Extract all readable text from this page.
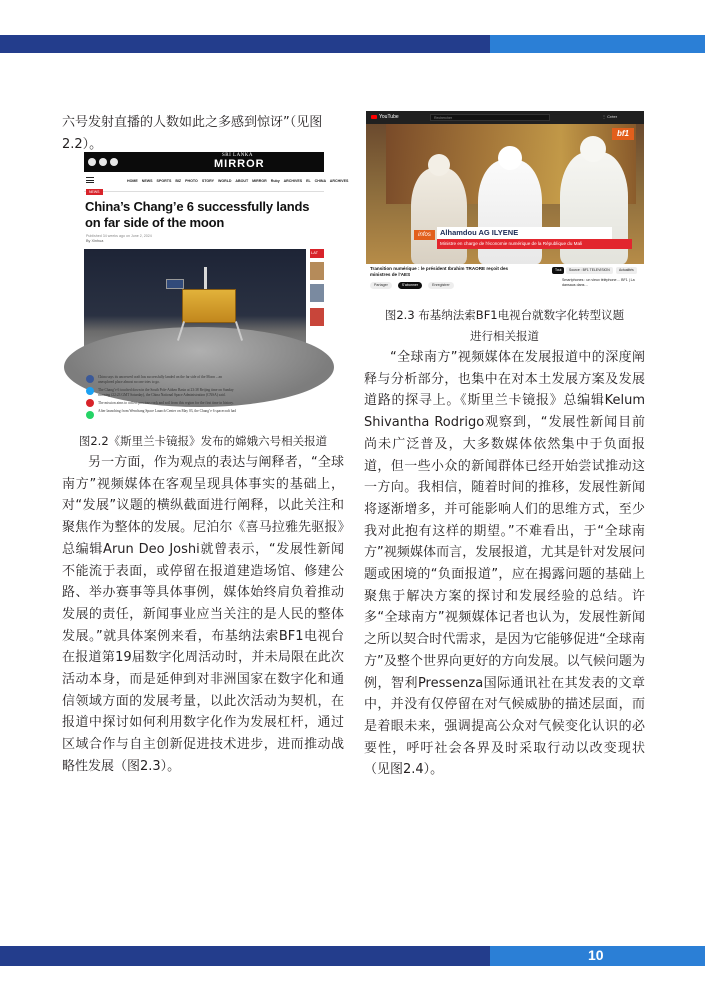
六号发射直播的人数如此之多感到惊讶”（见图

2.2）。

SRI LANKA
MIRROR
HOME NEWS SPORTS BIZ PHOTO STORY WORLD ABOUT MIRROR Ruby ARCHIVES EL CHINA ARCHIVES
NEWS
China’s Chang’e 6 successfully lands on far side of the moon
Published 34 weeks ago on June 2, 2024
By Xinhua
LAT
China says its uncrewed craft has successfully landed on the far side of the Moon – an
unexplored place almost no one tries to go.
The Chang’e 6 touched down in the South Pole-Aitken Basin at 23:38 Beijing time on Sunday
morning (22:23 GMT Saturday), the China National Space Administration (CNSA) said.
The mission aims to collect precious rock and soil from this region for the first time in history.
After launching from Wenchang Space Launch Center on May 03, the Chang’e 6 spacecraft had
图2.2《斯里兰卡镜报》发布的嫦娥六号相关报道

另一方面，作为观点的表达与阐释者，“全球南方”视频媒体在客观呈现具体事实的基础上，对“发展”议题的横纵截面进行阐释，以此关注和聚焦作为整体的发展。尼泊尔《喜马拉雅先驱报》总编辑Arun Deo Joshi就曾表示，“发展性新闻不能流于表面，或停留在报道建造场馆、修建公路、举办赛事等具体事例，媒体始终肩负着推动发展的责任，新闻事业应当关注的是人民的整体发展。”就具体案例来看，布基纳法索BF1电视台在报道第19届数字化周活动时，并未局限在此次活动本身，而是延伸到对非洲国家在数字化和通信领域方面的发展考量，以此次活动为契机，在报道中探讨如何利用数字化作为发展杠杆，通过区域合作与自主创新促进技术进步，进而推动战略性发展（图2.3）。

YouTube	Rechercher	⋮ Créer
bf1
infos	Alhamdou AG ILYENE
Ministre en charge de l'économie numérique de la République du Mali
Transition numérique : le président Ibrahim TRAORE reçoit des ministres de l'AES
Tout	Source : BF1 TELEVISION	Actualités
Partager	S'abonner	Enregistrer
Smartphones : un vieux téléphone… BF1 | La dansaus dans…
图2.3 布基纳法索BF1电视台就数字化转型议题
进行相关报道

“全球南方”视频媒体在发展报道中的深度阐释与分析部分，也集中在对本土发展方案及发展道路的探寻上。《斯里兰卡镜报》总编辑Kelum Shivantha Rodrigo观察到，“发展性新闻目前尚未广泛普及，大多数媒体依然集中于负面报道，但一些小众的新闻群体已经开始尝试推动这一方向。我相信，随着时间的推移，发展性新闻将逐渐增多，并可能影响人们的思维方式，至少我对此抱有这样的期望。”不难看出，于“全球南方”视频媒体而言，发展报道，尤其是针对发展问题或困境的“负面报道”，应在揭露问题的基础上聚焦于解决方案的探讨和发展经验的总结。许多“全球南方”视频媒体记者也认为，发展性新闻之所以契合时代需求，是因为它能够促进“全球南方”及整个世界向更好的方向发展。以气候问题为例，智利Pressenza国际通讯社在其发表的文章中，并没有仅停留在对气候威胁的描述层面，而是着眼未来，强调提高公众对气候变化认识的必要性，呼吁社会各界及时采取行动以改变现状（见图2.4）。

10
